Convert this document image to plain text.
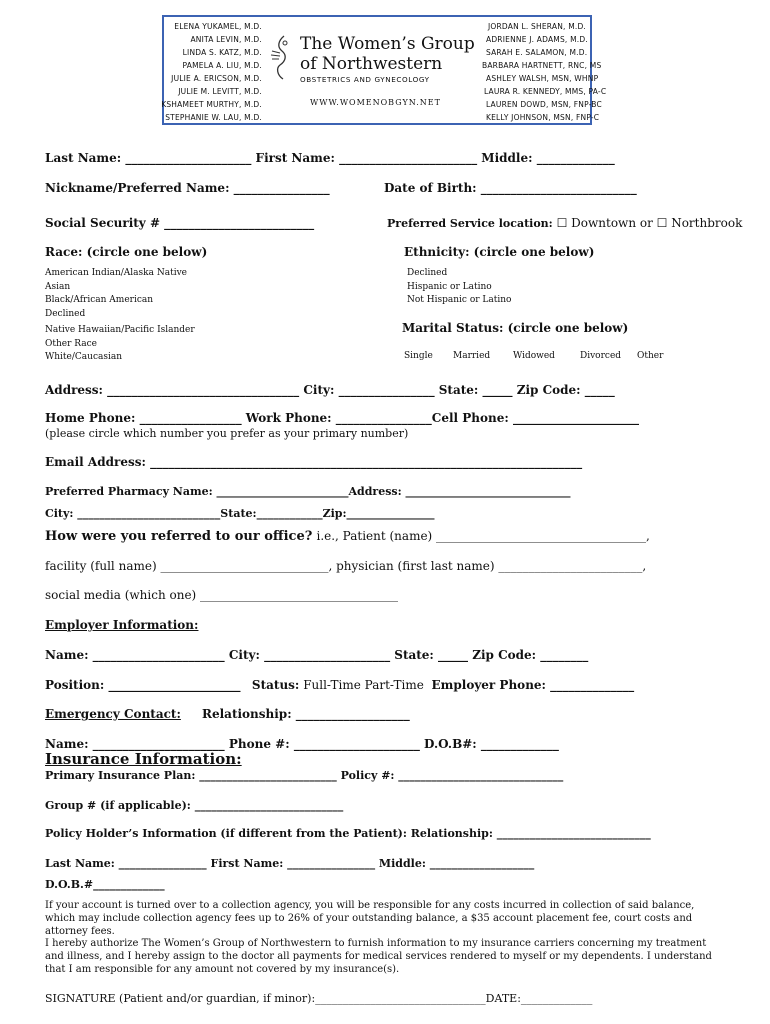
ELENA YUKAMEL, M.D.
ANITA LEVIN, M.D.
LINDA S. KATZ, M.D.
PAMELA A. LIU, M.D.
JULIE A. ERICSON, M.D.
JULIE M. LEVITT, M.D.
KSHAMEET MURTHY, M.D.
STEPHANIE W. LAU, M.D.
The Women’s Group
of Northwestern
OBSTETRICS AND GYNECOLOGY
WWW.WOMENOBGYN.NET
JORDAN L. SHERAN, M.D.
ADRIENNE J. ADAMS, M.D.
SARAH E. SALAMON, M.D.
BARBARA HARTNETT, RNC, MS
ASHLEY WALSH, MSN, WHNP
LAURA R. KENNEDY, MMS, PA-C
LAUREN DOWD, MSN, FNP-BC
KELLY JOHNSON, MSN, FNP-C
Last Name: _____________________ First Name: _______________________ Middle: _____________
Nickname/Preferred Name: ________________	Date of Birth: __________________________
Social Security # _________________________	Preferred Service location: ☐ Downtown or ☐ Northbrook
Race: (circle one below)
American Indian/Alaska Native
Asian
Black/African American
Declined
Native Hawaiian/Pacific Islander
Other Race
White/Caucasian
Ethnicity: (circle one below)
Declined
Hispanic or Latino
Not Hispanic or Latino
Marital Status: (circle one below)
Single Married	Widowed	Divorced Other
Address: ________________________________ City: ________________ State: _____ Zip Code: _____
Home Phone: _________________ Work Phone: ________________Cell Phone: _____________________
(please circle which number you prefer as your primary number)
Email Address: ________________________________________________________________________
Preferred Pharmacy Name: ________________________Address: ______________________________
City: __________________________State:____________Zip:________________
How were you referred to our office? i.e., Patient (name) ___________________________________,
facility (full name) ____________________________, physician (first last name) ________________________,
social media (which one) _________________________________
Employer Information:
Name: ______________________ City: _____________________ State: _____ Zip Code: ________
Position: ______________________ Status: Full-Time Part-Time Employer Phone: ______________
Emergency Contact: Relationship: ___________________
Name: ______________________ Phone #: _____________________ D.O.B#: _____________
Insurance Information:
Primary Insurance Plan: _________________________ Policy #: ______________________________
Group # (if applicable): ___________________________
Policy Holder’s Information (if different from the Patient): Relationship: ____________________________
Last Name: ________________ First Name: ________________ Middle: ___________________
D.O.B.#_____________
If your account is turned over to a collection agency, you will be responsible for any costs incurred in collection of said balance, which may include collection agency fees up to 26% of your outstanding balance, a $35 account placement fee, court costs and attorney fees.
I hereby authorize The Women’s Group of Northwestern to furnish information to my insurance carriers concerning my treatment and illness, and I hereby assign to the doctor all payments for medical services rendered to myself or my dependents. I understand that I am responsible for any amount not covered by my insurance(s).
SIGNATURE (Patient and/or guardian, if minor):_______________________________DATE:_____________
